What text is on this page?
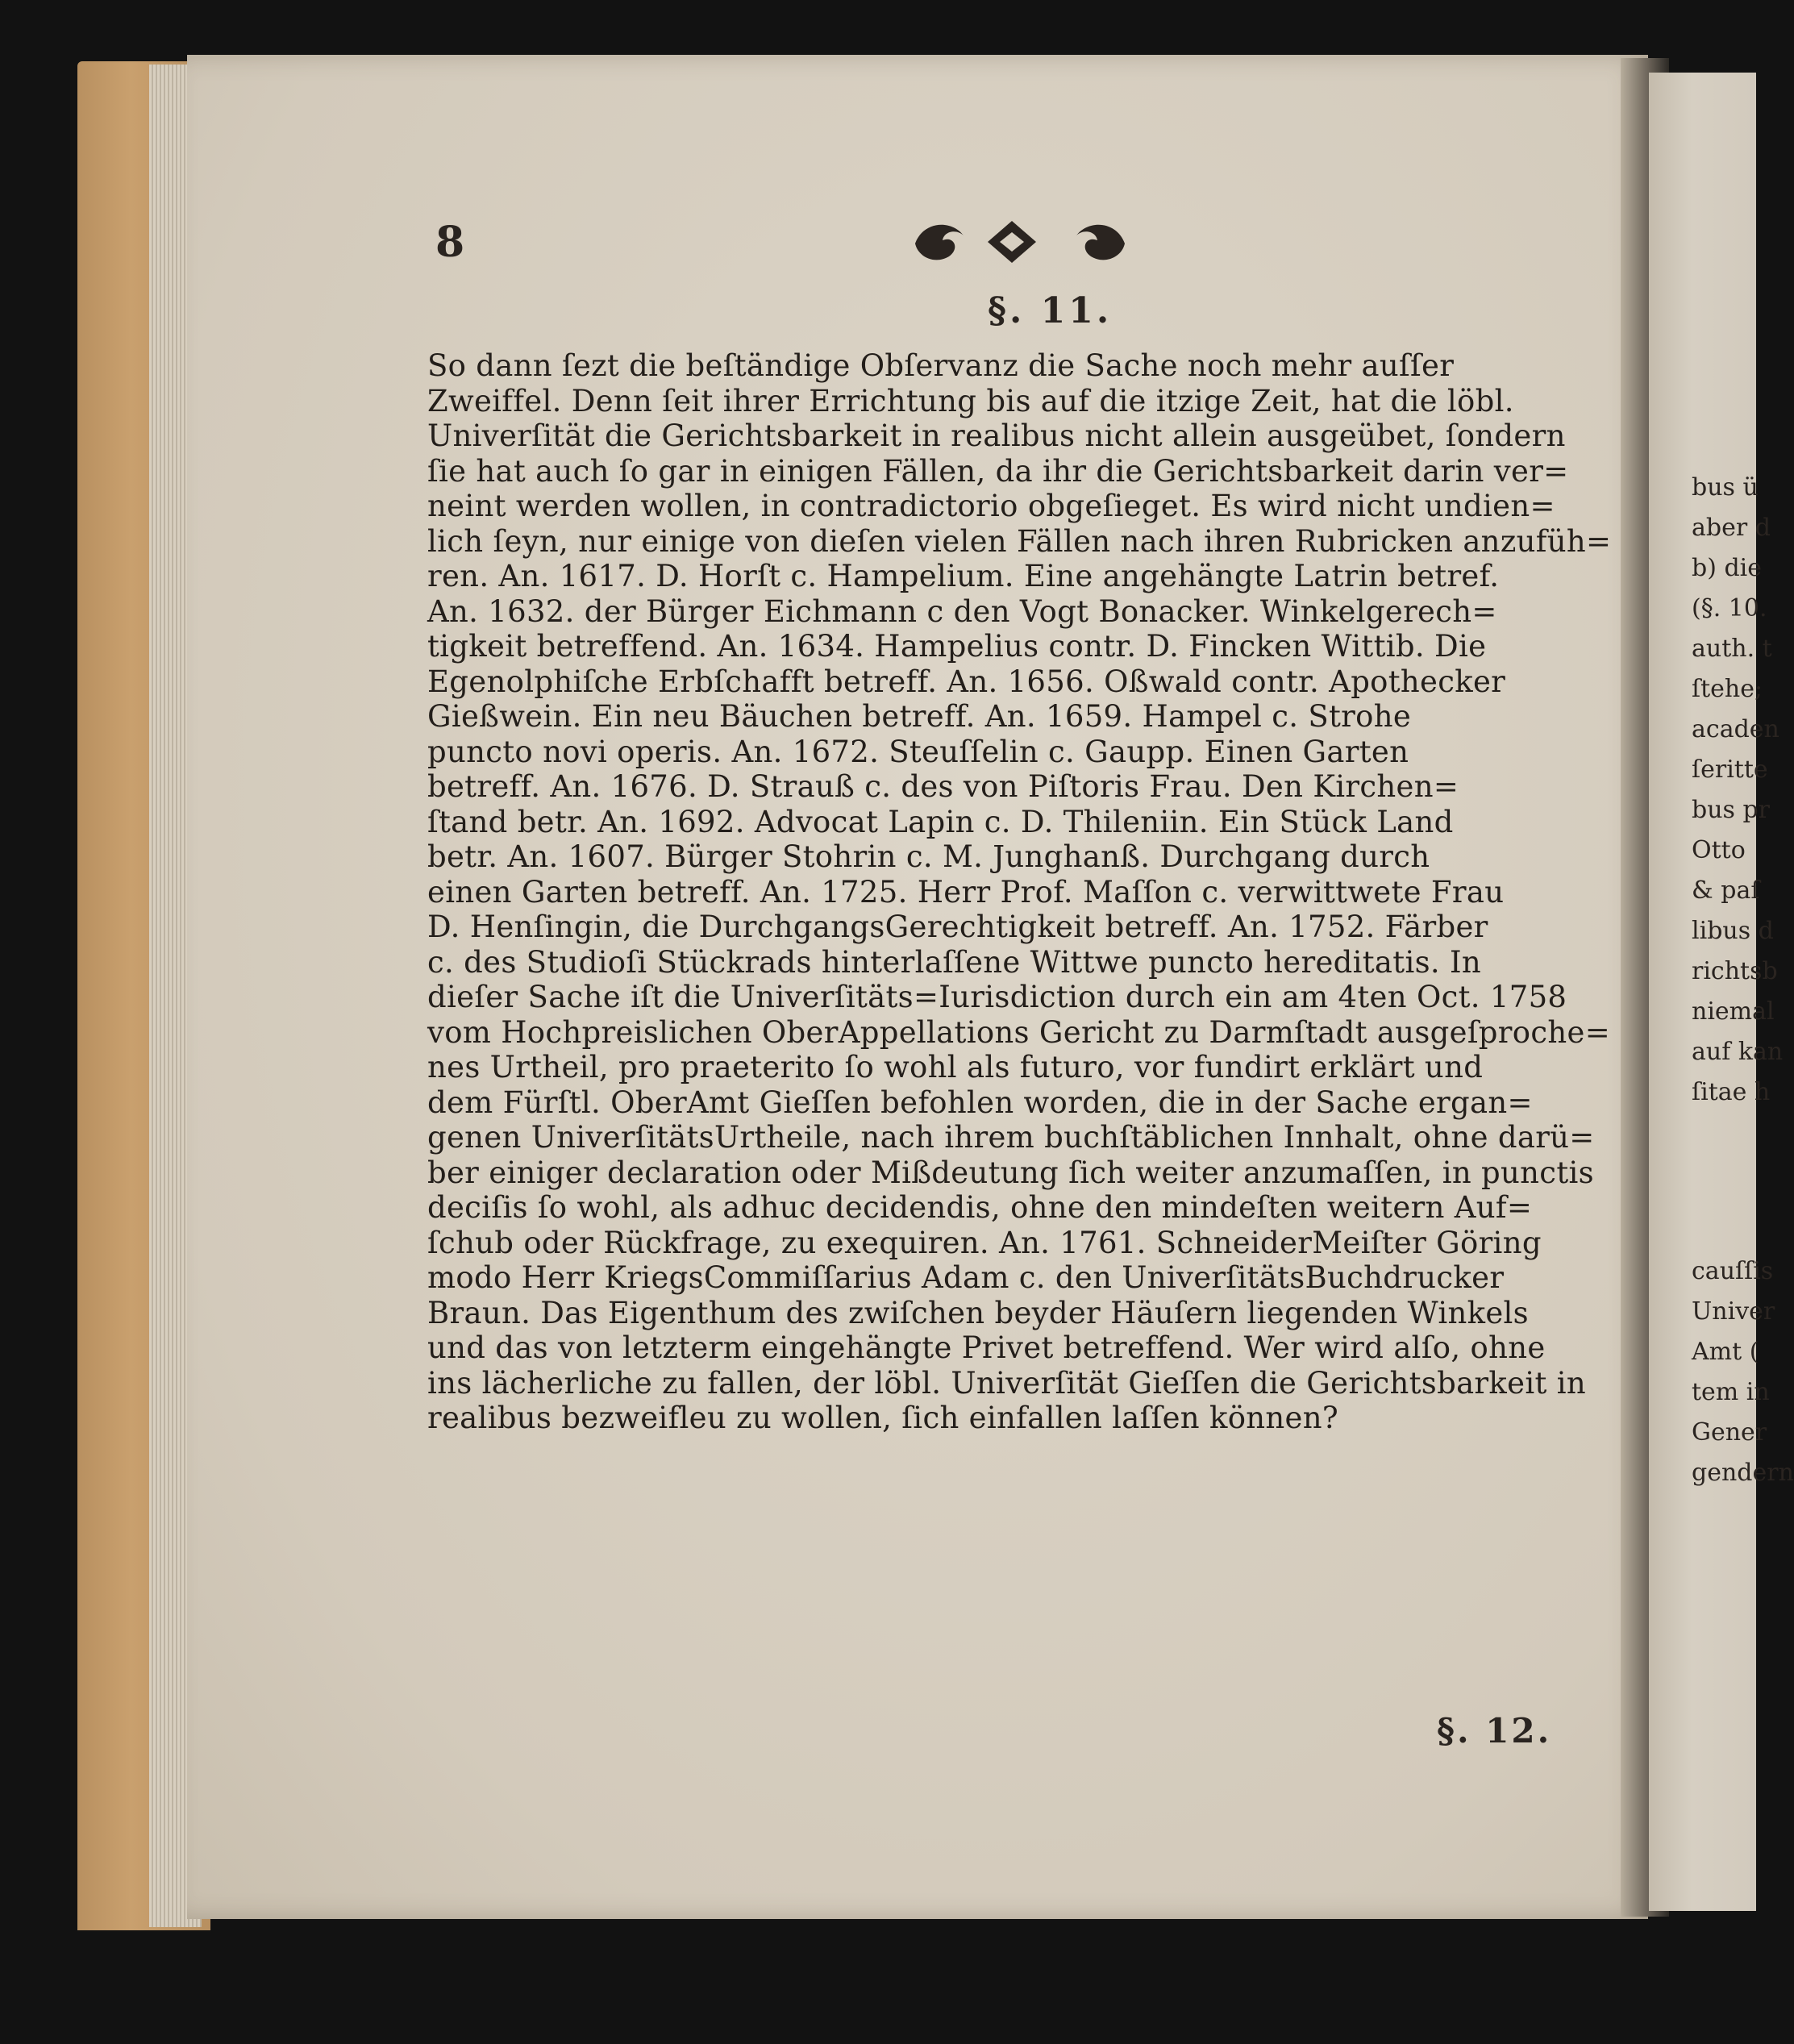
8
§. 11.
So dann ſezt die beſtändige Obſervanz die Sache noch mehr auſſer
Zweiffel. Denn ſeit ihrer Errichtung bis auf die itzige Zeit, hat die löbl.
Univerſität die Gerichtsbarkeit in realibus nicht allein ausgeübet, ſondern
ſie hat auch ſo gar in einigen Fällen, da ihr die Gerichtsbarkeit darin ver=
neint werden wollen, in contradictorio obgeſieget. Es wird nicht undien=
lich ſeyn, nur einige von dieſen vielen Fällen nach ihren Rubricken anzufüh=
ren. An. 1617. D. Horſt c. Hampelium. Eine angehängte Latrin betref.
An. 1632. der Bürger Eichmann c den Vogt Bonacker. Winkelgerech=
tigkeit betreffend. An. 1634. Hampelius contr. D. Fincken Wittib. Die
Egenolphiſche Erbſchafft betreff. An. 1656. Oßwald contr. Apothecker
Gießwein. Ein neu Bäuchen betreff. An. 1659. Hampel c. Strohe
puncto novi operis. An. 1672. Steuſſelin c. Gaupp. Einen Garten
betreff. An. 1676. D. Strauß c. des von Piſtoris Frau. Den Kirchen=
ſtand betr. An. 1692. Advocat Lapin c. D. Thileniin. Ein Stück Land
betr. An. 1607. Bürger Stohrin c. M. Junghanß. Durchgang durch
einen Garten betreff. An. 1725. Herr Prof. Maſſon c. verwittwete Frau
D. Henſingin, die DurchgangsGerechtigkeit betreff. An. 1752. Färber
c. des Studioſi Stückrads hinterlaſſene Wittwe puncto hereditatis. In
dieſer Sache iſt die Univerſitäts=Iurisdiction durch ein am 4ten Oct. 1758
vom Hochpreislichen OberAppellations Gericht zu Darmſtadt ausgeſproche=
nes Urtheil, pro praeterito ſo wohl als futuro, vor fundirt erklärt und
dem Fürſtl. OberAmt Gieſſen befohlen worden, die in der Sache ergan=
genen UniverſitätsUrtheile, nach ihrem buchſtäblichen Innhalt, ohne darü=
ber einiger declaration oder Mißdeutung ſich weiter anzumaſſen, in punctis
deciſis ſo wohl, als adhuc decidendis, ohne den mindeſten weitern Auf=
ſchub oder Rückfrage, zu exequiren. An. 1761. SchneiderMeiſter Göring
modo Herr KriegsCommiſſarius Adam c. den UniverſitätsBuchdrucker
Braun. Das Eigenthum des zwiſchen beyder Häuſern liegenden Winkels
und das von letzterm eingehängte Privet betreffend. Wer wird alſo, ohne
ins lächerliche zu fallen, der löbl. Univerſität Gieſſen die Gerichtsbarkeit in
realibus bezweifleu zu wollen, ſich einfallen laſſen können?
§. 12.
bus ü
aber d
b) die
(§. 10.
auth. t
ſtehe;
acaden
ſeritte
bus pr
Otto
& paſ
libus d
richtsb
niemal
auf kan
ſitae h
cauſſis
Univer
Amt (
tem in
Gener
gendern
